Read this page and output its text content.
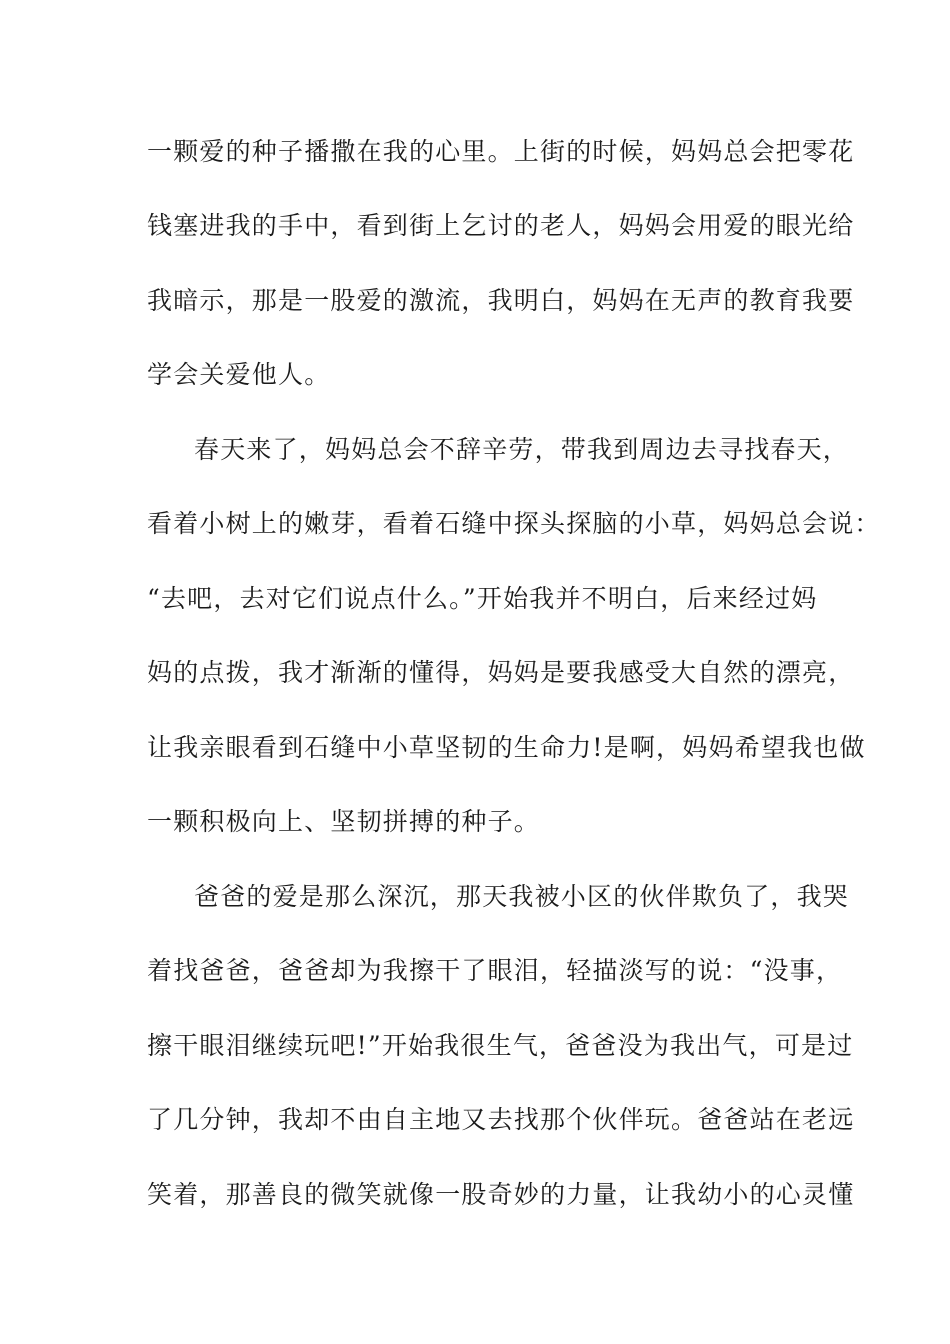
一颗爱的种子播撒在我的心里。上街的时候，妈妈总会把零花
钱塞进我的手中，看到街上乞讨的老人，妈妈会用爱的眼光给
我暗示，那是一股爱的激流，我明白，妈妈在无声的教育我要
学会关爱他人。
春天来了，妈妈总会不辞辛劳，带我到周边去寻找春天，
看着小树上的嫩芽，看着石缝中探头探脑的小草，妈妈总会说：
“去吧，去对它们说点什么。”开始我并不明白，后来经过妈
妈的点拨，我才渐渐的懂得，妈妈是要我感受大自然的漂亮，
让我亲眼看到石缝中小草坚韧的生命力!是啊，妈妈希望我也做
一颗积极向上、坚韧拼搏的种子。
爸爸的爱是那么深沉，那天我被小区的伙伴欺负了，我哭
着找爸爸，爸爸却为我擦干了眼泪，轻描淡写的说：“没事，
擦干眼泪继续玩吧!”开始我很生气，爸爸没为我出气，可是过
了几分钟，我却不由自主地又去找那个伙伴玩。爸爸站在老远
笑着，那善良的微笑就像一股奇妙的力量，让我幼小的心灵懂
